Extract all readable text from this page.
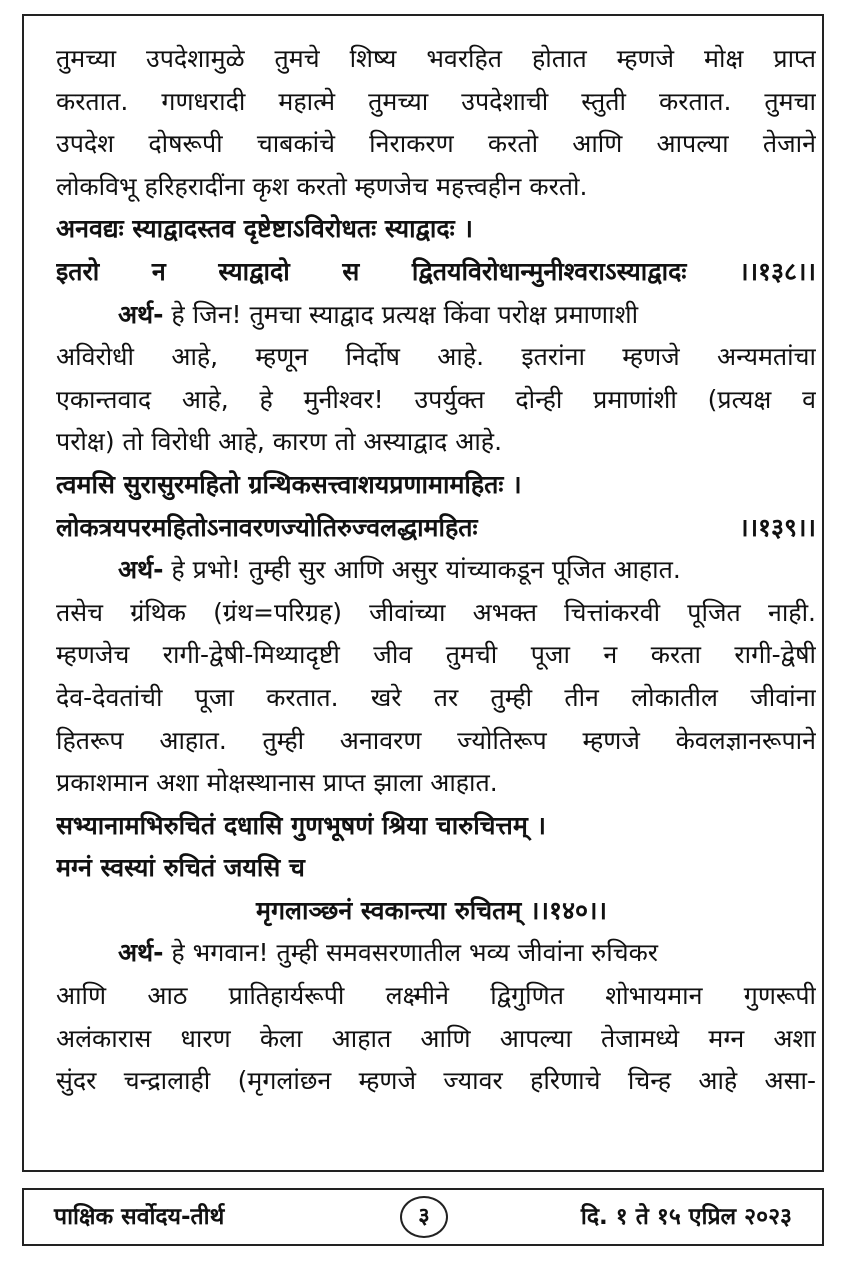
तुमच्या उपदेशामुळे तुमचे शिष्य भवरहित होतात म्हणजे मोक्ष प्राप्त
करतात. गणधरादी महात्मे तुमच्या उपदेशाची स्तुती करतात. तुमचा
उपदेश दोषरूपी चाबकांचे निराकरण करतो आणि आपल्या तेजाने
लोकविभू हरिहरादींना कृश करतो म्हणजेच महत्त्वहीन करतो.
अनवद्यः स्याद्वादस्तव दृष्टेष्टाऽविरोधतः स्याद्वादः ।
इतरो न स्याद्वादो स द्वितयविरोधान्मुनीश्वराऽस्याद्वादः ।।१३८।।
अर्थ- हे जिन! तुमचा स्याद्वाद प्रत्यक्ष किंवा परोक्ष प्रमाणाशी
अविरोधी आहे, म्हणून निर्दोष आहे. इतरांना म्हणजे अन्यमतांचा
एकान्तवाद आहे, हे मुनीश्वर! उपर्युक्त दोन्ही प्रमाणांशी (प्रत्यक्ष व
परोक्ष) तो विरोधी आहे, कारण तो अस्याद्वाद आहे.
त्वमसि सुरासुरमहितो ग्रन्थिकसत्त्वाशयप्रणामामहितः ।
लोकत्रयपरमहितोऽनावरणज्योतिरुज्वलद्धामहितः ।।१३९।।
अर्थ- हे प्रभो! तुम्ही सुर आणि असुर यांच्याकडून पूजित आहात.
तसेच ग्रंथिक (ग्रंथ=परिग्रह) जीवांच्या अभक्त चित्तांकरवी पूजित नाही.
म्हणजेच रागी-द्वेषी-मिथ्यादृष्टी जीव तुमची पूजा न करता रागी-द्वेषी
देव-देवतांची पूजा करतात. खरे तर तुम्ही तीन लोकातील जीवांना
हितरूप आहात. तुम्ही अनावरण ज्योतिरूप म्हणजे केवलज्ञानरूपाने
प्रकाशमान अशा मोक्षस्थानास प्राप्त झाला आहात.
सभ्यानामभिरुचितं दधासि गुणभूषणं श्रिया चारुचित्तम् ।
मग्नं स्वस्यां रुचितं जयसि च
मृगलाञ्छनं स्वकान्त्या रुचितम् ।।१४०।।
अर्थ- हे भगवान! तुम्ही समवसरणातील भव्य जीवांना रुचिकर
आणि आठ प्रातिहार्यरूपी लक्ष्मीने द्विगुणित शोभायमान गुणरूपी
अलंकारास धारण केला आहात आणि आपल्या तेजामध्ये मग्न अशा
सुंदर चन्द्रालाही (मृगलांछन म्हणजे ज्यावर हरिणाचे चिन्ह आहे असा-
पाक्षिक सर्वोदय-तीर्थ	३	दि. १ ते १५ एप्रिल २०२३
